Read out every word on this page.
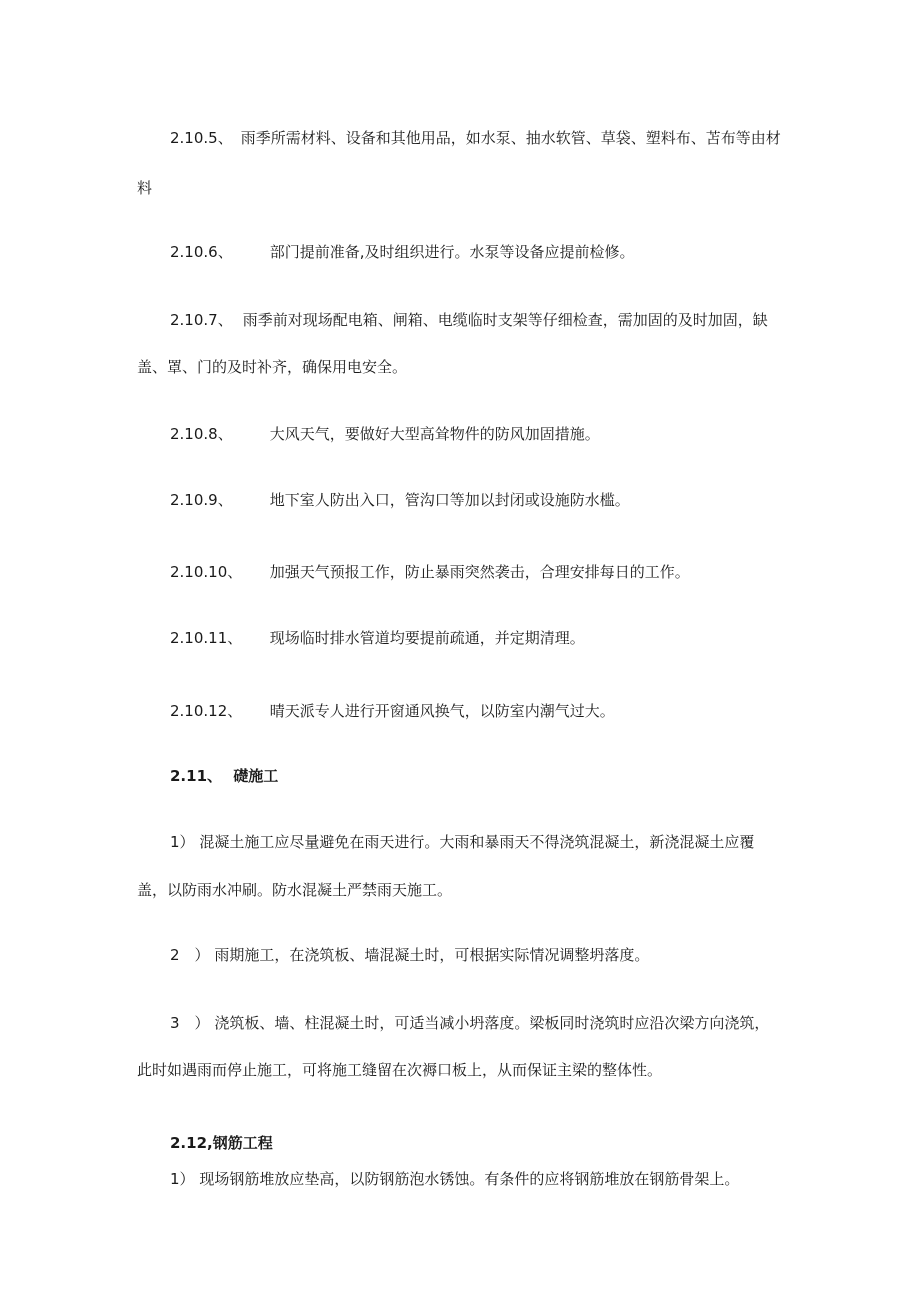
2.10.5、 雨季所需材料、设备和其他用品，如水泵、抽水软管、草袋、塑料布、苫布等由材
料
2.10.6、 部门提前准备,及时组织进行。水泵等设备应提前检修。
2.10.7、 雨季前对现场配电箱、闸箱、电缆临时支架等仔细检查，需加固的及时加固，缺
盖、罩、门的及时补齐，确保用电安全。
2.10.8、 大风天气，要做好大型高耸物件的防风加固措施。
2.10.9、 地下室人防出入口，管沟口等加以封闭或设施防水槛。
2.10.10、 加强天气预报工作，防止暴雨突然袭击，合理安排每日的工作。
2.10.11、 现场临时排水管道均要提前疏通，并定期清理。
2.10.12、 晴天派专人进行开窗通风换气，以防室内潮气过大。
2.11、 礎施工
1） 混凝土施工应尽量避免在雨天进行。大雨和暴雨天不得浇筑混凝土，新浇混凝土应覆
盖，以防雨水冲刷。防水混凝土严禁雨天施工。
2　） 雨期施工，在浇筑板、墙混凝土时，可根据实际情况调整坍落度。
3　） 浇筑板、墙、柱混凝土时，可适当减小坍落度。梁板同时浇筑时应沿次梁方向浇筑，
此时如遇雨而停止施工，可将施工缝留在次褥口板上，从而保证主梁的整体性。
2.12,钢筋工程
1） 现场钢筋堆放应垫高，以防钢筋泡水锈蚀。有条件的应将钢筋堆放在钢筋骨架上。
